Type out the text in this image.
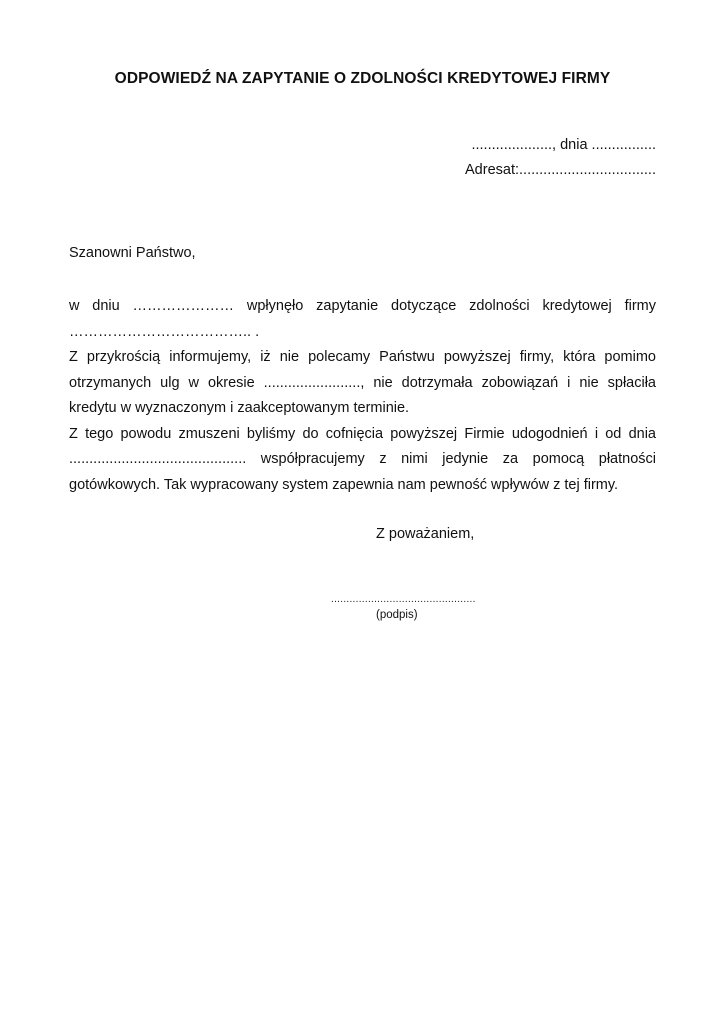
ODPOWIEDŹ NA ZAPYTANIE O ZDOLNOŚCI KREDYTOWEJ FIRMY
...................., dnia ................
Adresat:..................................
Szanowni Państwo,

w dniu ………………… wpłynęło zapytanie dotyczące zdolności kredytowej firmy ……………………………….. .

Z przykrością informujemy, iż nie polecamy Państwu powyższej firmy, która pomimo otrzymanych ulg w okresie ........................, nie dotrzymała zobowiązań i nie spłaciła kredytu w wyznaczonym i zaakceptowanym terminie.

Z tego powodu zmuszeni byliśmy do cofnięcia powyższej Firmie udogodnień i od dnia ............................................ współpracujemy z nimi jedynie za pomocą płatności gotówkowych. Tak wypracowany system zapewnia nam pewność wpływów z tej firmy.

Z poważaniem,
...............................................
(podpis)
